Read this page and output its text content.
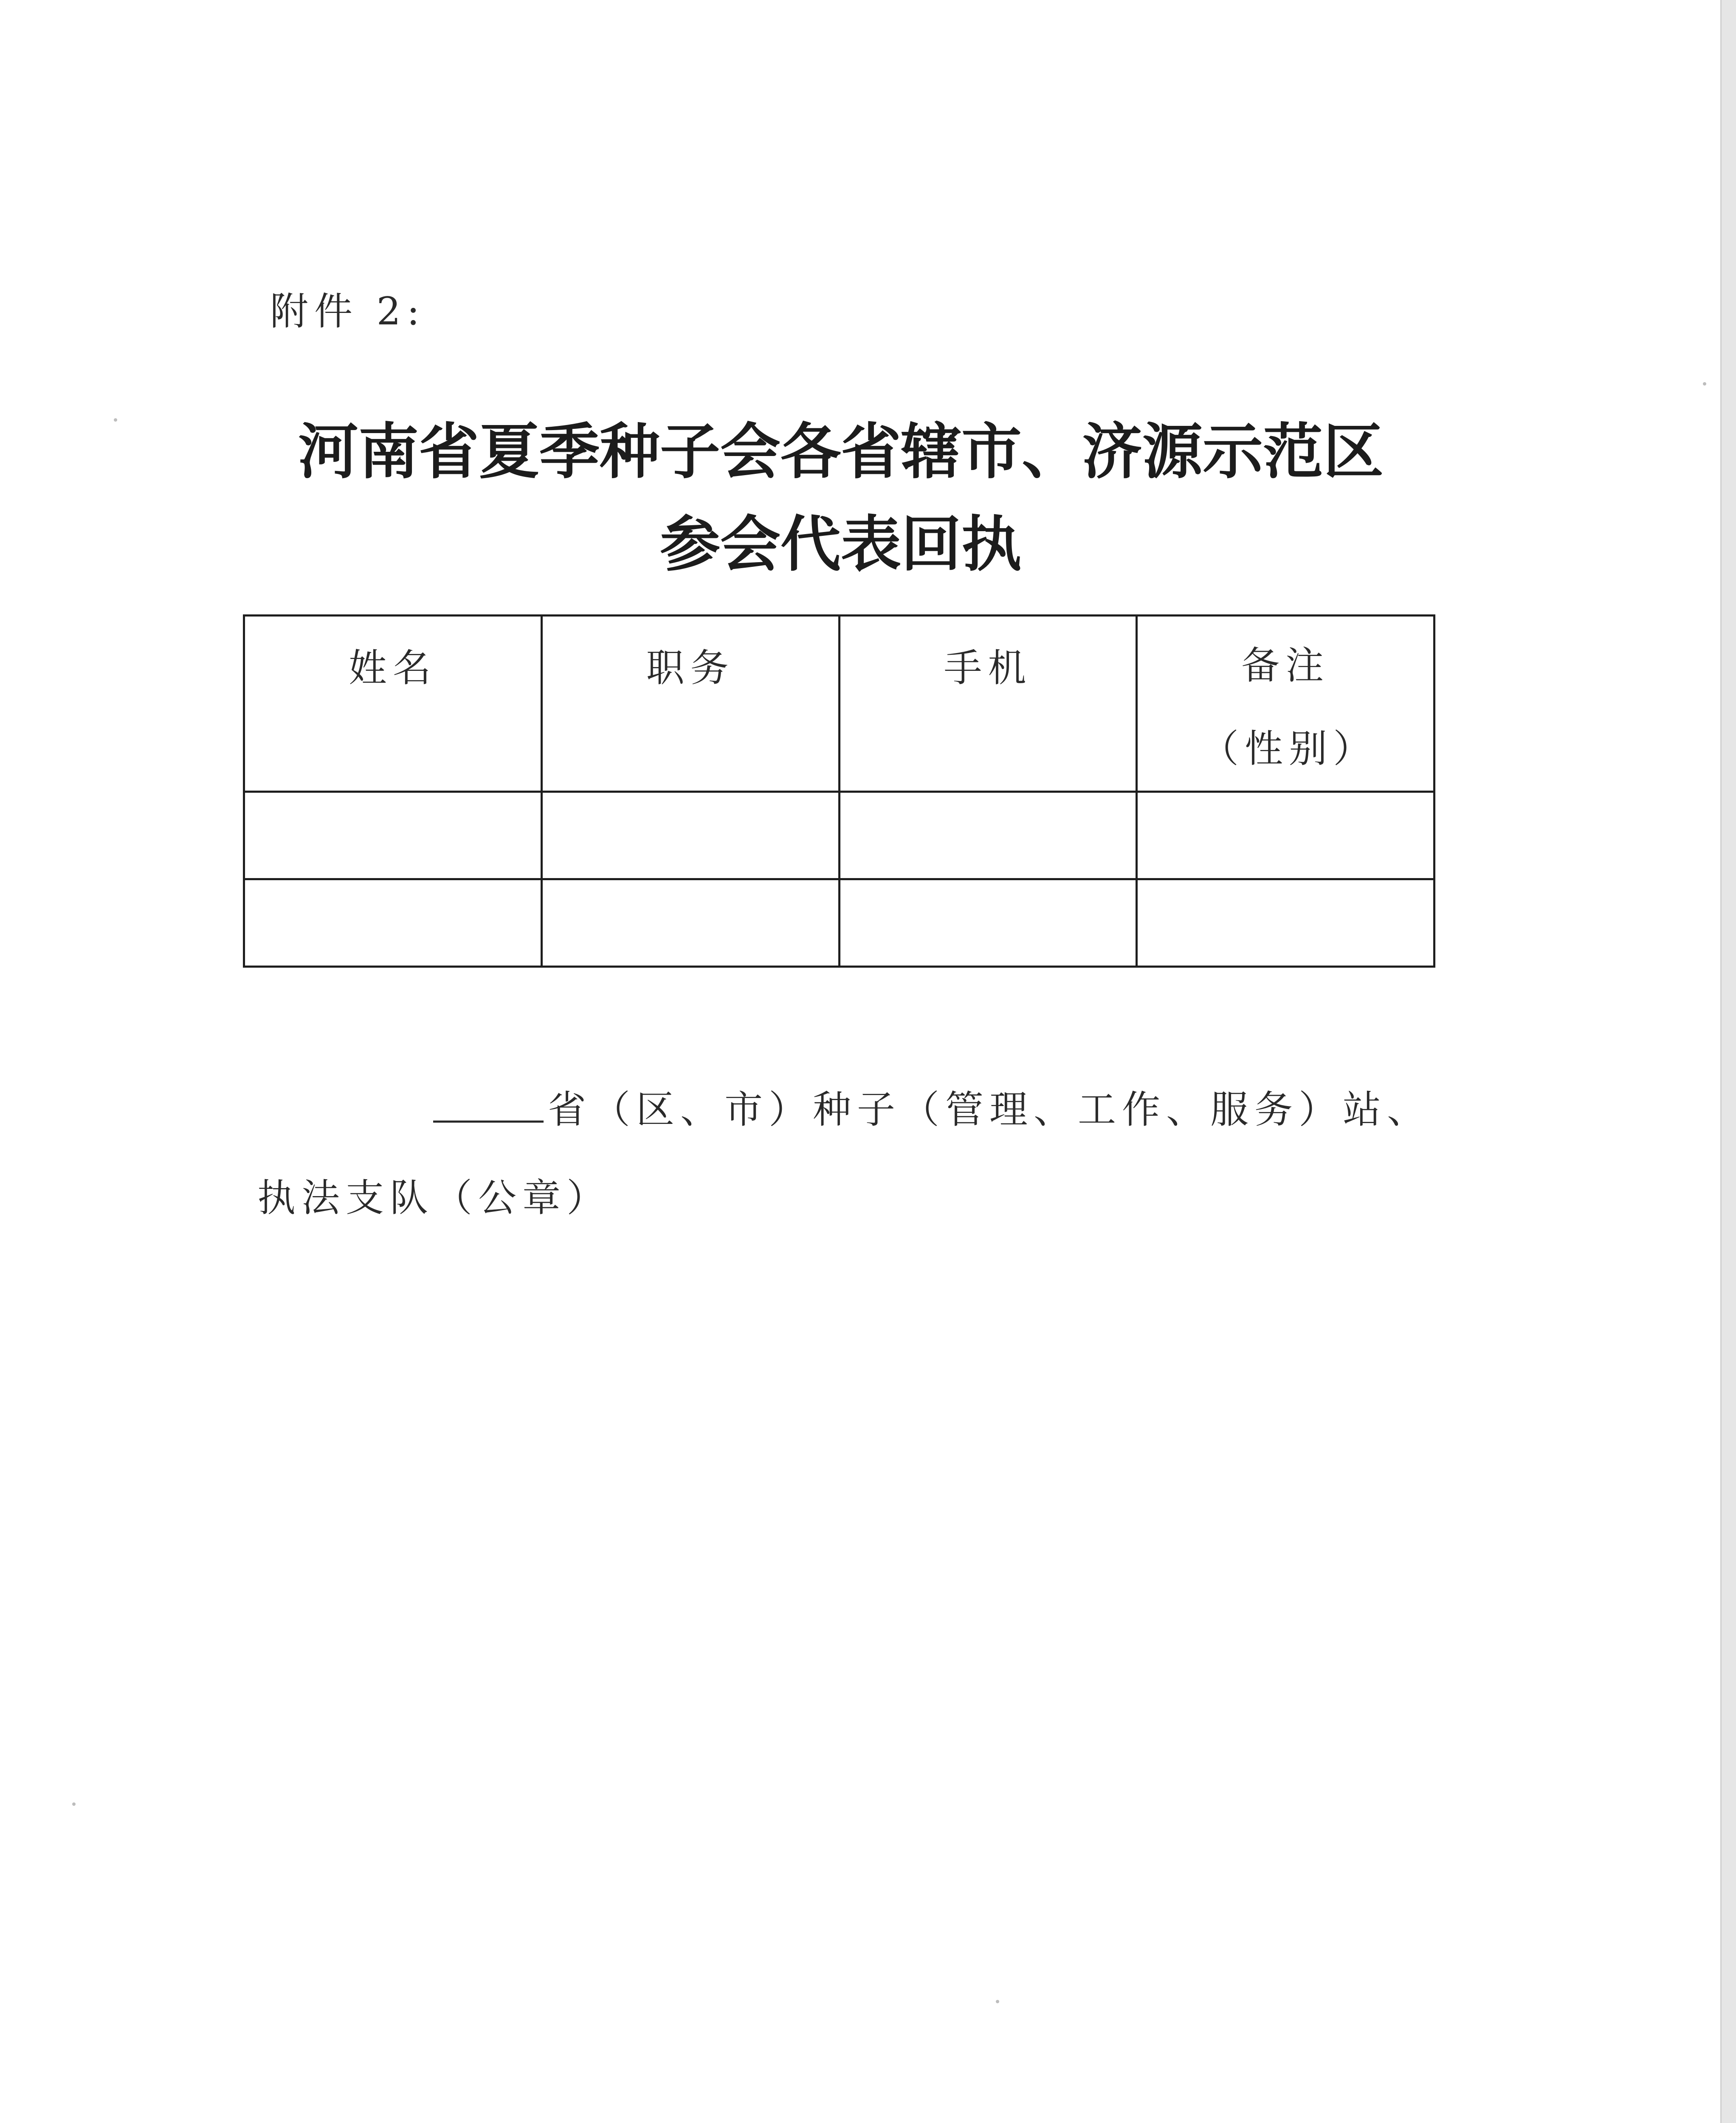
附件 2:
河南省夏季种子会各省辖市、济源示范区
参会代表回执
姓名	职务	手机	备注（性别）

省（区、市）种子（管理、工作、服务）站、
执法支队（公章）
